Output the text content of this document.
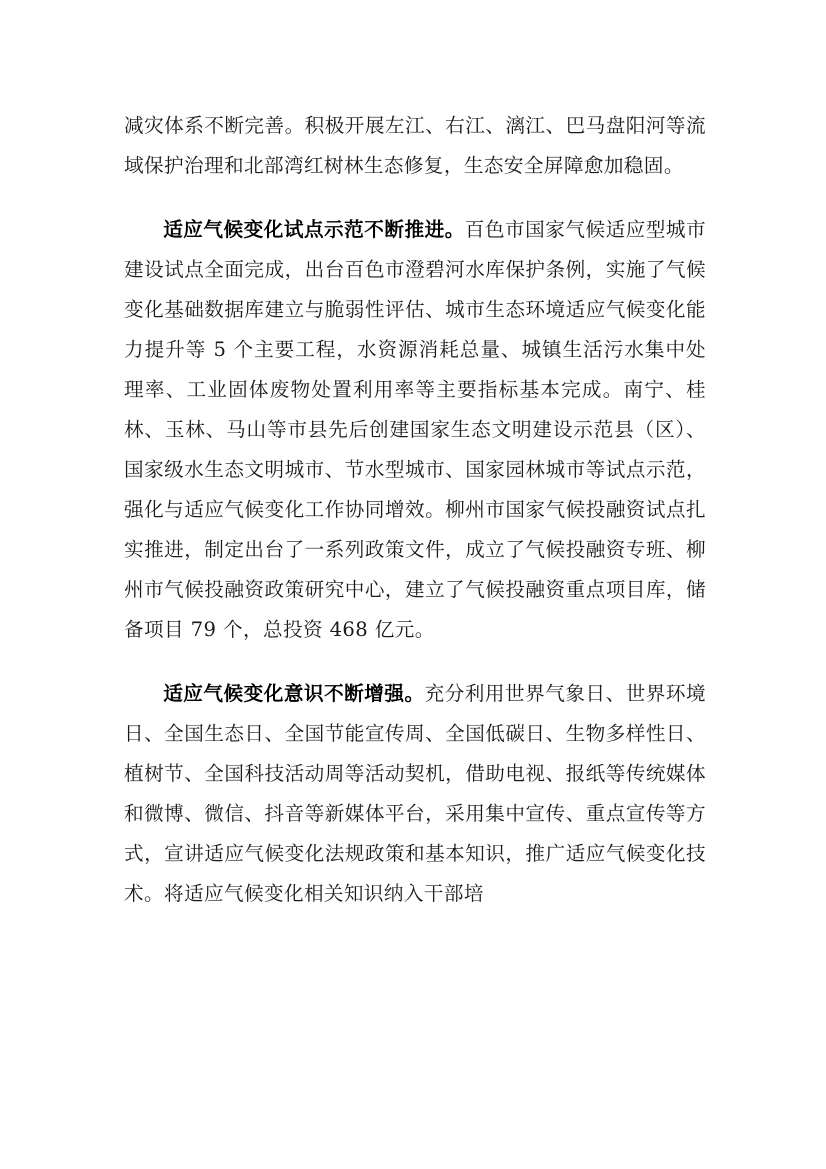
减灾体系不断完善。积极开展左江、右江、漓江、巴马盘阳河等流域保护治理和北部湾红树林生态修复，生态安全屏障愈加稳固。

适应气候变化试点示范不断推进。百色市国家气候适应型城市建设试点全面完成，出台百色市澄碧河水库保护条例，实施了气候变化基础数据库建立与脆弱性评估、城市生态环境适应气候变化能力提升等 5 个主要工程，水资源消耗总量、城镇生活污水集中处理率、工业固体废物处置利用率等主要指标基本完成。南宁、桂林、玉林、马山等市县先后创建国家生态文明建设示范县（区）、国家级水生态文明城市、节水型城市、国家园林城市等试点示范，强化与适应气候变化工作协同增效。柳州市国家气候投融资试点扎实推进，制定出台了一系列政策文件，成立了气候投融资专班、柳州市气候投融资政策研究中心，建立了气候投融资重点项目库，储备项目 79 个，总投资 468 亿元。

适应气候变化意识不断增强。充分利用世界气象日、世界环境日、全国生态日、全国节能宣传周、全国低碳日、生物多样性日、植树节、全国科技活动周等活动契机，借助电视、报纸等传统媒体和微博、微信、抖音等新媒体平台，采用集中宣传、重点宣传等方式，宣讲适应气候变化法规政策和基本知识，推广适应气候变化技术。将适应气候变化相关知识纳入干部培
